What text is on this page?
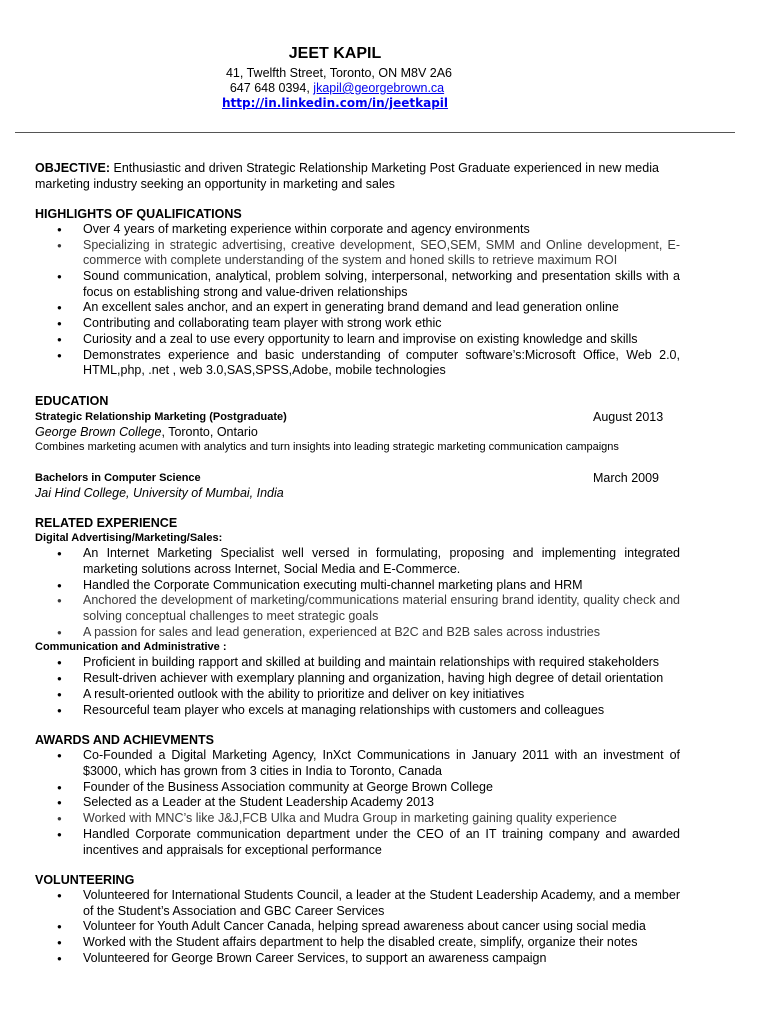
JEET KAPIL
41, Twelfth Street, Toronto, ON M8V 2A6
647 648 0394, jkapil@georgebrown.ca
http://in.linkedin.com/in/jeetkapil

OBJECTIVE: Enthusiastic and driven Strategic Relationship Marketing Post Graduate experienced in new media marketing industry seeking an opportunity in marketing and sales

HIGHLIGHTS OF QUALIFICATIONS
● Over 4 years of marketing experience within corporate and agency environments
● Specializing in strategic advertising, creative development, SEO,SEM, SMM and Online development, E-commerce with complete understanding of the system and honed skills to retrieve maximum ROI
● Sound communication, analytical, problem solving, interpersonal, networking and presentation skills with a focus on establishing strong and value-driven relationships
● An excellent sales anchor, and an expert in generating brand demand and lead generation online
● Contributing and collaborating team player with strong work ethic
● Curiosity and a zeal to use every opportunity to learn and improvise on existing knowledge and skills
● Demonstrates experience and basic understanding of computer software’s:Microsoft Office, Web 2.0, HTML,php, .net , web 3.0,SAS,SPSS,Adobe, mobile technologies
EDUCATION
Strategic Relationship Marketing (Postgraduate)	August 2013
George Brown College, Toronto, Ontario
Combines marketing acumen with analytics and turn insights into leading strategic marketing communication campaigns
Bachelors in Computer Science	March 2009
Jai Hind College, University of Mumbai, India
RELATED EXPERIENCE
Digital Advertising/Marketing/Sales:
● An Internet Marketing Specialist well versed in formulating, proposing and implementing integrated marketing solutions across Internet, Social Media and E-Commerce.
● Handled the Corporate Communication executing multi-channel marketing plans and HRM
● Anchored the development of marketing/communications material ensuring brand identity, quality check and solving conceptual challenges to meet strategic goals
● A passion for sales and lead generation, experienced at B2C and B2B sales across industries
Communication and Administrative :
● Proficient in building rapport and skilled at building and maintain relationships with required stakeholders
● Result-driven achiever with exemplary planning and organization, having high degree of detail orientation
● A result-oriented outlook with the ability to prioritize and deliver on key initiatives
● Resourceful team player who excels at managing relationships with customers and colleagues
AWARDS AND ACHIEVMENTS
● Co-Founded a Digital Marketing Agency, InXct Communications in January 2011 with an investment of $3000, which has grown from 3 cities in India to Toronto, Canada
● Founder of the Business Association community at George Brown College
● Selected as a Leader at the Student Leadership Academy 2013
● Worked with MNC’s like J&J,FCB Ulka and Mudra Group in marketing gaining quality experience
● Handled Corporate communication department under the CEO of an IT training company and awarded incentives and appraisals for exceptional performance
VOLUNTEERING
● Volunteered for International Students Council, a leader at the Student Leadership Academy, and a member of the Student’s Association and GBC Career Services
● Volunteer for Youth Adult Cancer Canada, helping spread awareness about cancer using social media
● Worked with the Student affairs department to help the disabled create, simplify, organize their notes
● Volunteered for George Brown Career Services, to support an awareness campaign
